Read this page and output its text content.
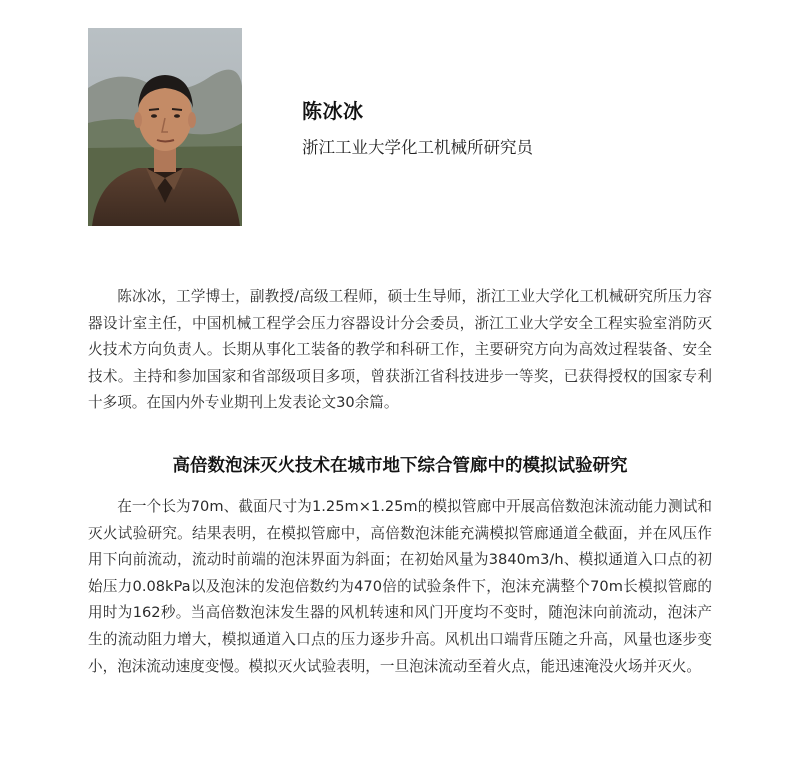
陈冰冰
浙江工业大学化工机械所研究员

陈冰冰，工学博士，副教授/高级工程师，硕士生导师，浙江工业大学化工机械研究所压力容器设计室主任，中国机械工程学会压力容器设计分会委员，浙江工业大学安全工程实验室消防灭火技术方向负责人。长期从事化工装备的教学和科研工作，主要研究方向为高效过程装备、安全技术。主持和参加国家和省部级项目多项，曾获浙江省科技进步一等奖，已获得授权的国家专利十多项。在国内外专业期刊上发表论文30余篇。

高倍数泡沫灭火技术在城市地下综合管廊中的模拟试验研究

在一个长为70m、截面尺寸为1.25m×1.25m的模拟管廊中开展高倍数泡沫流动能力测试和灭火试验研究。结果表明，在模拟管廊中，高倍数泡沫能充满模拟管廊通道全截面，并在风压作用下向前流动，流动时前端的泡沫界面为斜面；在初始风量为3840m3/h、模拟通道入口点的初始压力0.08kPa以及泡沫的发泡倍数约为470倍的试验条件下，泡沫充满整个70m长模拟管廊的用时为162秒。当高倍数泡沫发生器的风机转速和风门开度均不变时，随泡沫向前流动，泡沫产生的流动阻力增大，模拟通道入口点的压力逐步升高。风机出口端背压随之升高，风量也逐步变小，泡沫流动速度变慢。模拟灭火试验表明，一旦泡沫流动至着火点，能迅速淹没火场并灭火。
